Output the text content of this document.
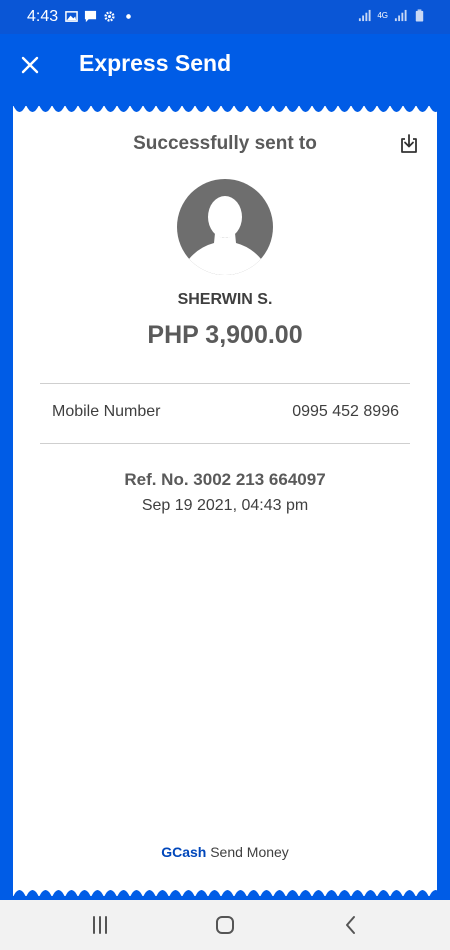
4:43	4G
Express Send
Successfully sent to
SHERWIN S.
PHP 3,900.00
Mobile Number	0995 452 8996
Ref. No. 3002 213 664097
Sep 19 2021, 04:43 pm
GCash Send Money
